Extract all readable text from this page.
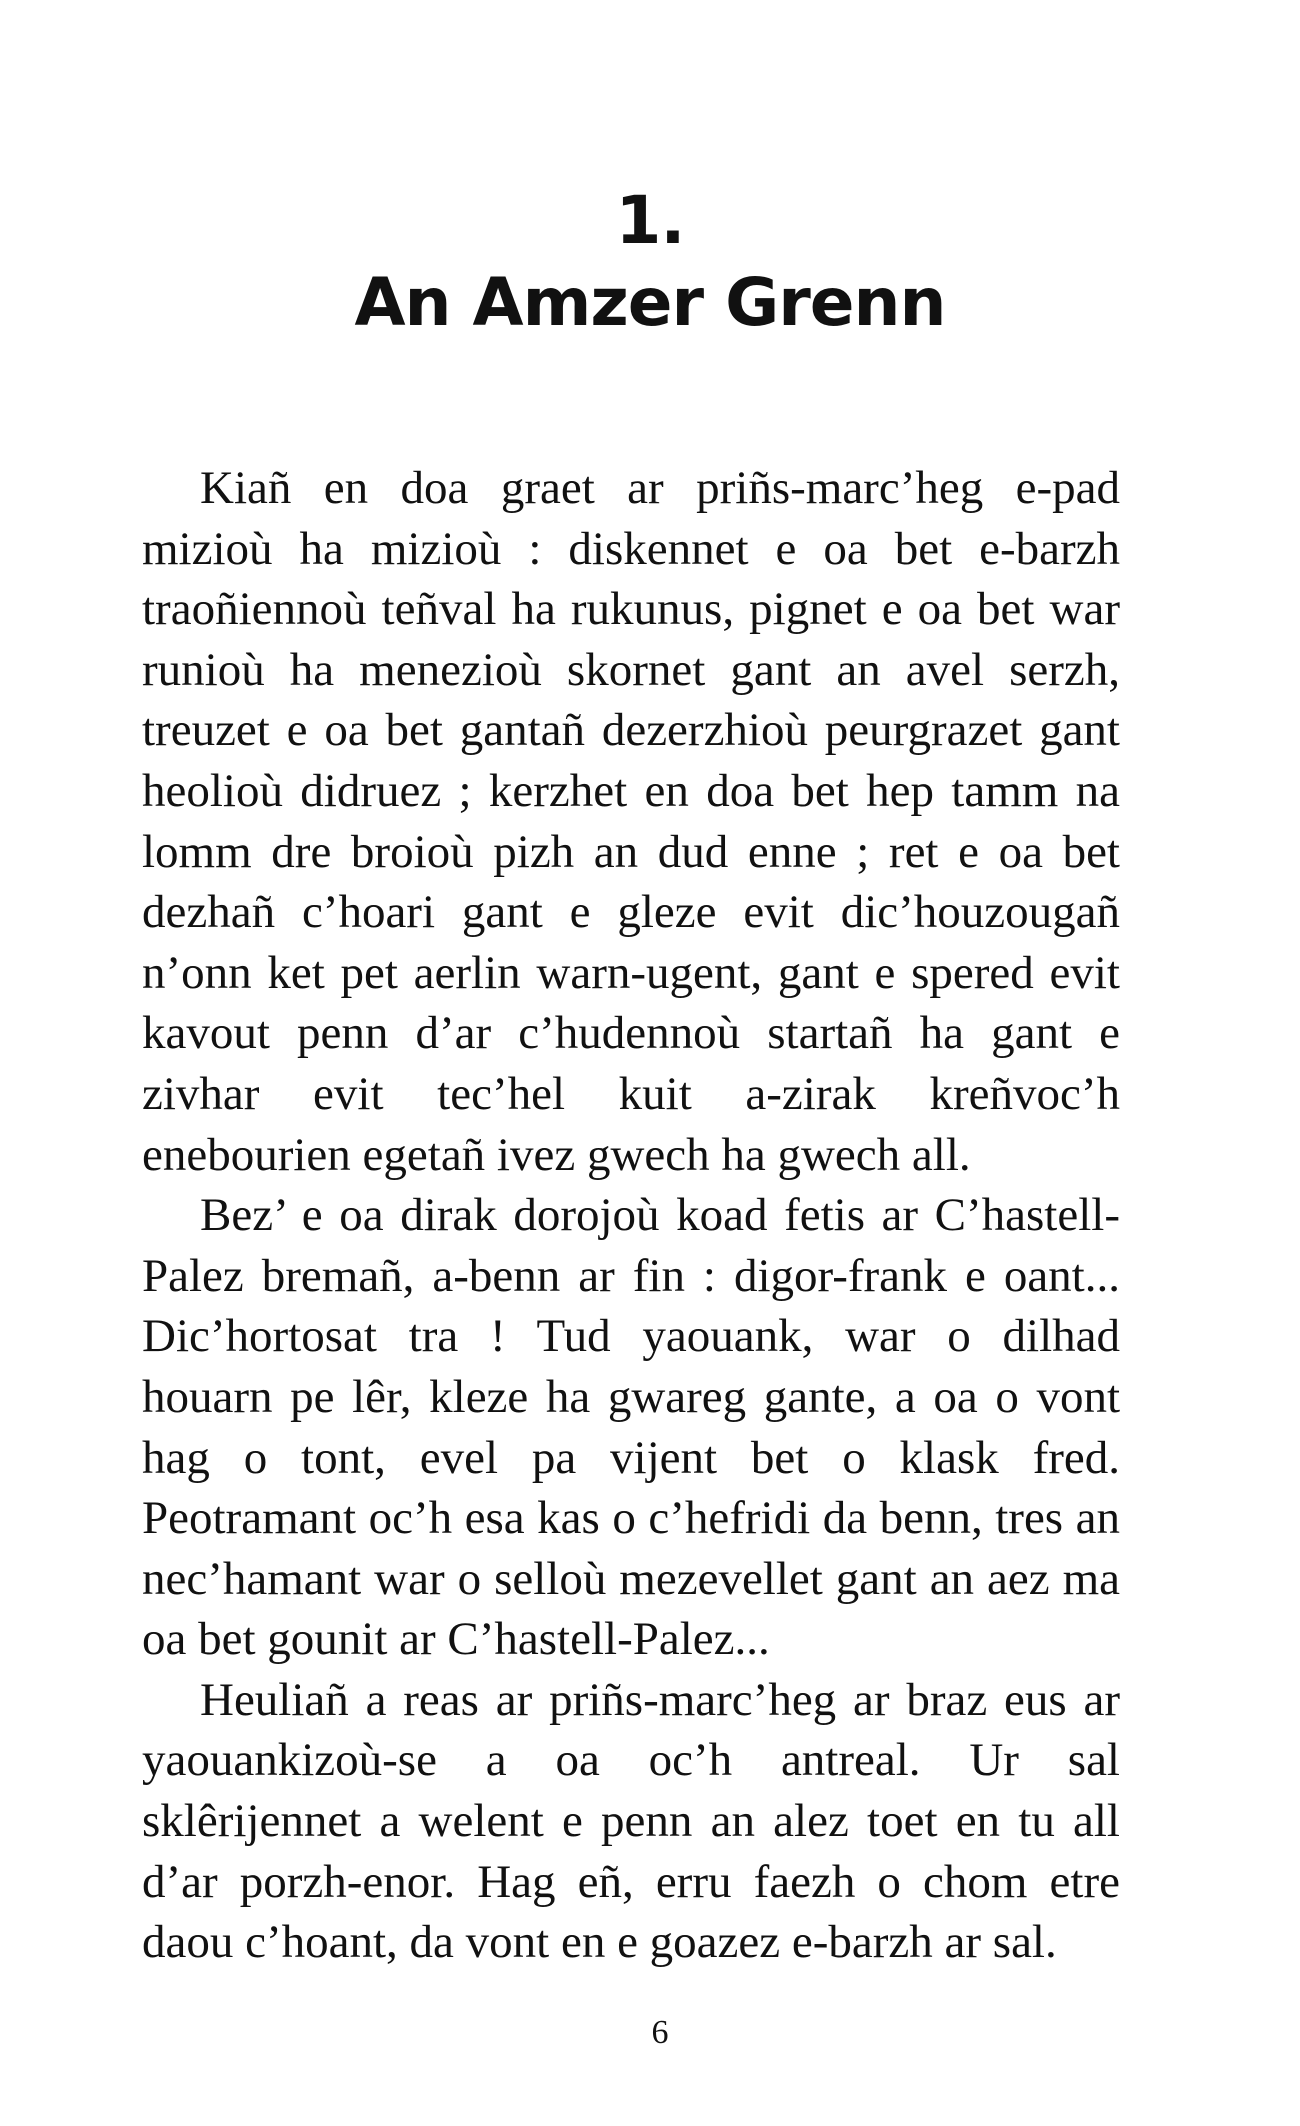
1.
An Amzer Grenn

Kiañ en doa graet ar priñs-marc’heg e-pad mizioù ha mizioù : diskennet e oa bet e-barzh traoñiennoù teñval ha rukunus, pignet e oa bet war runioù ha menezioù skornet gant an avel serzh, treuzet e oa bet gantañ dezerzhioù peurgrazet gant heolioù didruez ; kerzhet en doa bet hep tamm na lomm dre broioù pizh an dud enne ; ret e oa bet dezhañ c’hoari gant e gleze evit dic’houzougañ n’onn ket pet aerlin warn-ugent, gant e spered evit kavout penn d’ar c’hudennoù startañ ha gant e zivhar evit tec’hel kuit a-zirak kreñvoc’h enebourien egetañ ivez gwech ha gwech all.

Bez’ e oa dirak dorojoù koad fetis ar C’hastell-Palez bremañ, a-benn ar fin : digor-frank e oant... Dic’hortosat tra ! Tud yaouank, war o dilhad houarn pe lêr, kleze ha gwareg gante, a oa o vont hag o tont, evel pa vijent bet o klask fred. Peotramant oc’h esa kas o c’hefridi da benn, tres an nec’hamant war o selloù mezevellet gant an aez ma oa bet gounit ar C’hastell-Palez...

Heuliañ a reas ar priñs-marc’heg ar braz eus ar yaouankizoù-se a oa oc’h antreal. Ur sal sklêrijennet a welent e penn an alez toet en tu all d’ar porzh-enor. Hag eñ, erru faezh o chom etre daou c’hoant, da vont en e goazez e-barzh ar sal.

6
